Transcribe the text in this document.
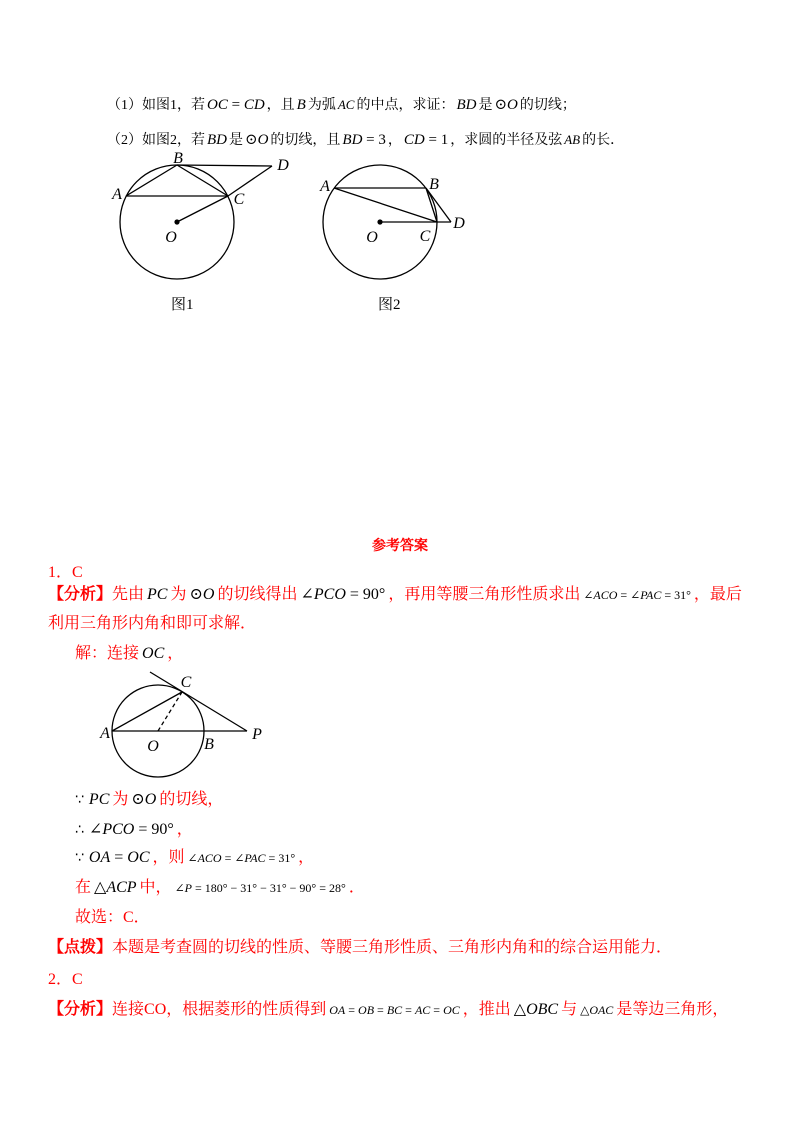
（1）如图1，若 OC = CD ，且 B 为弧 AC 的中点，求证： BD 是 ⊙O 的切线；
（2）如图2，若 BD 是 ⊙O 的切线，且 BD = 3 ， CD = 1 ，求圆的半径及弦 AB 的长．
A
B
C
D
O
A	B
O	C
D
图1	图2
参考答案
1．C
【分析】 先由 PC 为 ⊙O 的切线得出 ∠PCO = 90° ，再用等腰三角形性质求出 ∠ACO = ∠PAC = 31° ，最后
利用三角形内角和即可求解．
解：连接 OC ，
C
A
O	B
P
∵ PC 为 ⊙O 的切线，
∴ ∠PCO = 90° ，
∵ OA = OC ，则 ∠ACO = ∠PAC = 31° ，
在 △ACP 中， ∠P = 180° − 31° − 31° − 90° = 28° ．
故选：C．
【点拨】 本题是考查圆的切线的性质、等腰三角形性质、三角形内角和的综合运用能力．
2．C
【分析】 连接CO，根据菱形的性质得到 OA = OB = BC = AC = OC ，推出 △OBC 与 △OAC 是等边三角形，
